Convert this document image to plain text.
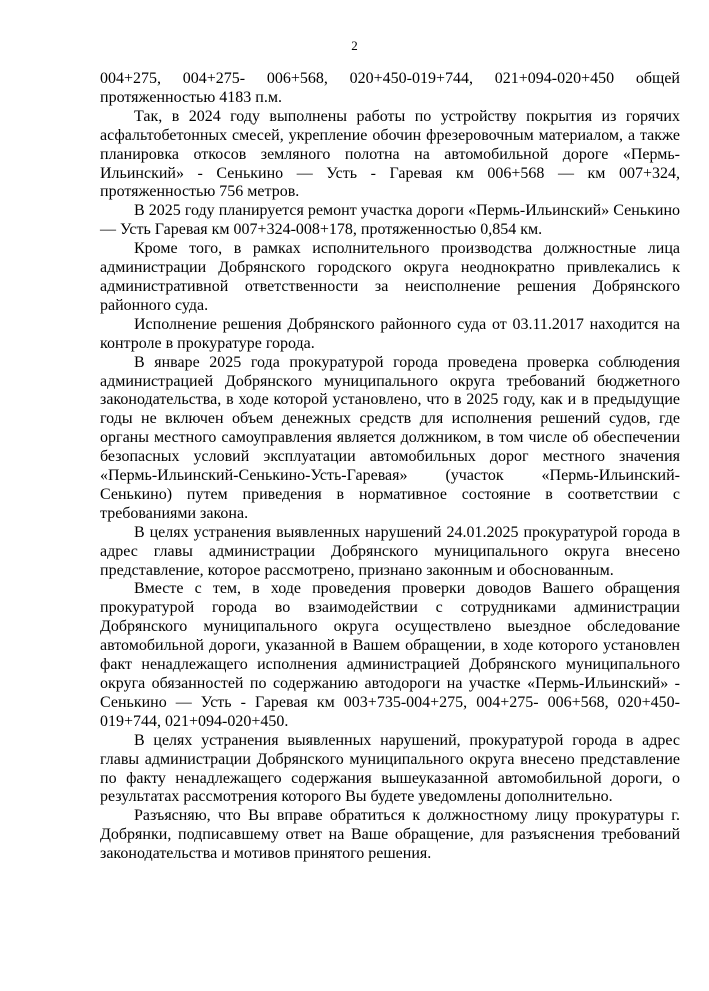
2

004+275, 004+275- 006+568, 020+450-019+744, 021+094-020+450 общей протяженностью 4183 п.м.

Так, в 2024 году выполнены работы по устройству покрытия из горячих асфальтобетонных смесей, укрепление обочин фрезеровочным материалом, а также планировка откосов земляного полотна на автомобильной дороге «Пермь-Ильинский» - Сенькино — Усть - Гаревая км 006+568 — км 007+324, протяженностью 756 метров.

В 2025 году планируется ремонт участка дороги «Пермь-Ильинский» Сенькино — Усть Гаревая км 007+324-008+178, протяженностью 0,854 км.

Кроме того, в рамках исполнительного производства должностные лица администрации Добрянского городского округа неоднократно привлекались к административной ответственности за неисполнение решения Добрянского районного суда.

Исполнение решения Добрянского районного суда от 03.11.2017 находится на контроле в прокуратуре города.

В январе 2025 года прокуратурой города проведена проверка соблюдения администрацией Добрянского муниципального округа требований бюджетного законодательства, в ходе которой установлено, что в 2025 году, как и в предыдущие годы не включен объем денежных средств для исполнения решений судов, где органы местного самоуправления является должником, в том числе об обеспечении безопасных условий эксплуатации автомобильных дорог местного значения «Пермь-Ильинский-Сенькино-Усть-Гаревая» (участок «Пермь-Ильинский-Сенькино) путем приведения в нормативное состояние в соответствии с требованиями закона.

В целях устранения выявленных нарушений 24.01.2025 прокуратурой города в адрес главы администрации Добрянского муниципального округа внесено представление, которое рассмотрено, признано законным и обоснованным.

Вместе с тем, в ходе проведения проверки доводов Вашего обращения прокуратурой города во взаимодействии с сотрудниками администрации Добрянского муниципального округа осуществлено выездное обследование автомобильной дороги, указанной в Вашем обращении, в ходе которого установлен факт ненадлежащего исполнения администрацией Добрянского муниципального округа обязанностей по содержанию автодороги на участке «Пермь-Ильинский» - Сенькино — Усть - Гаревая км 003+735-004+275, 004+275- 006+568, 020+450-019+744, 021+094-020+450.

В целях устранения выявленных нарушений, прокуратурой города в адрес главы администрации Добрянского муниципального округа внесено представление по факту ненадлежащего содержания вышеуказанной автомобильной дороги, о результатах рассмотрения которого Вы будете уведомлены дополнительно.

Разъясняю, что Вы вправе обратиться к должностному лицу прокуратуры г. Добрянки, подписавшему ответ на Ваше обращение, для разъяснения требований законодательства и мотивов принятого решения.
